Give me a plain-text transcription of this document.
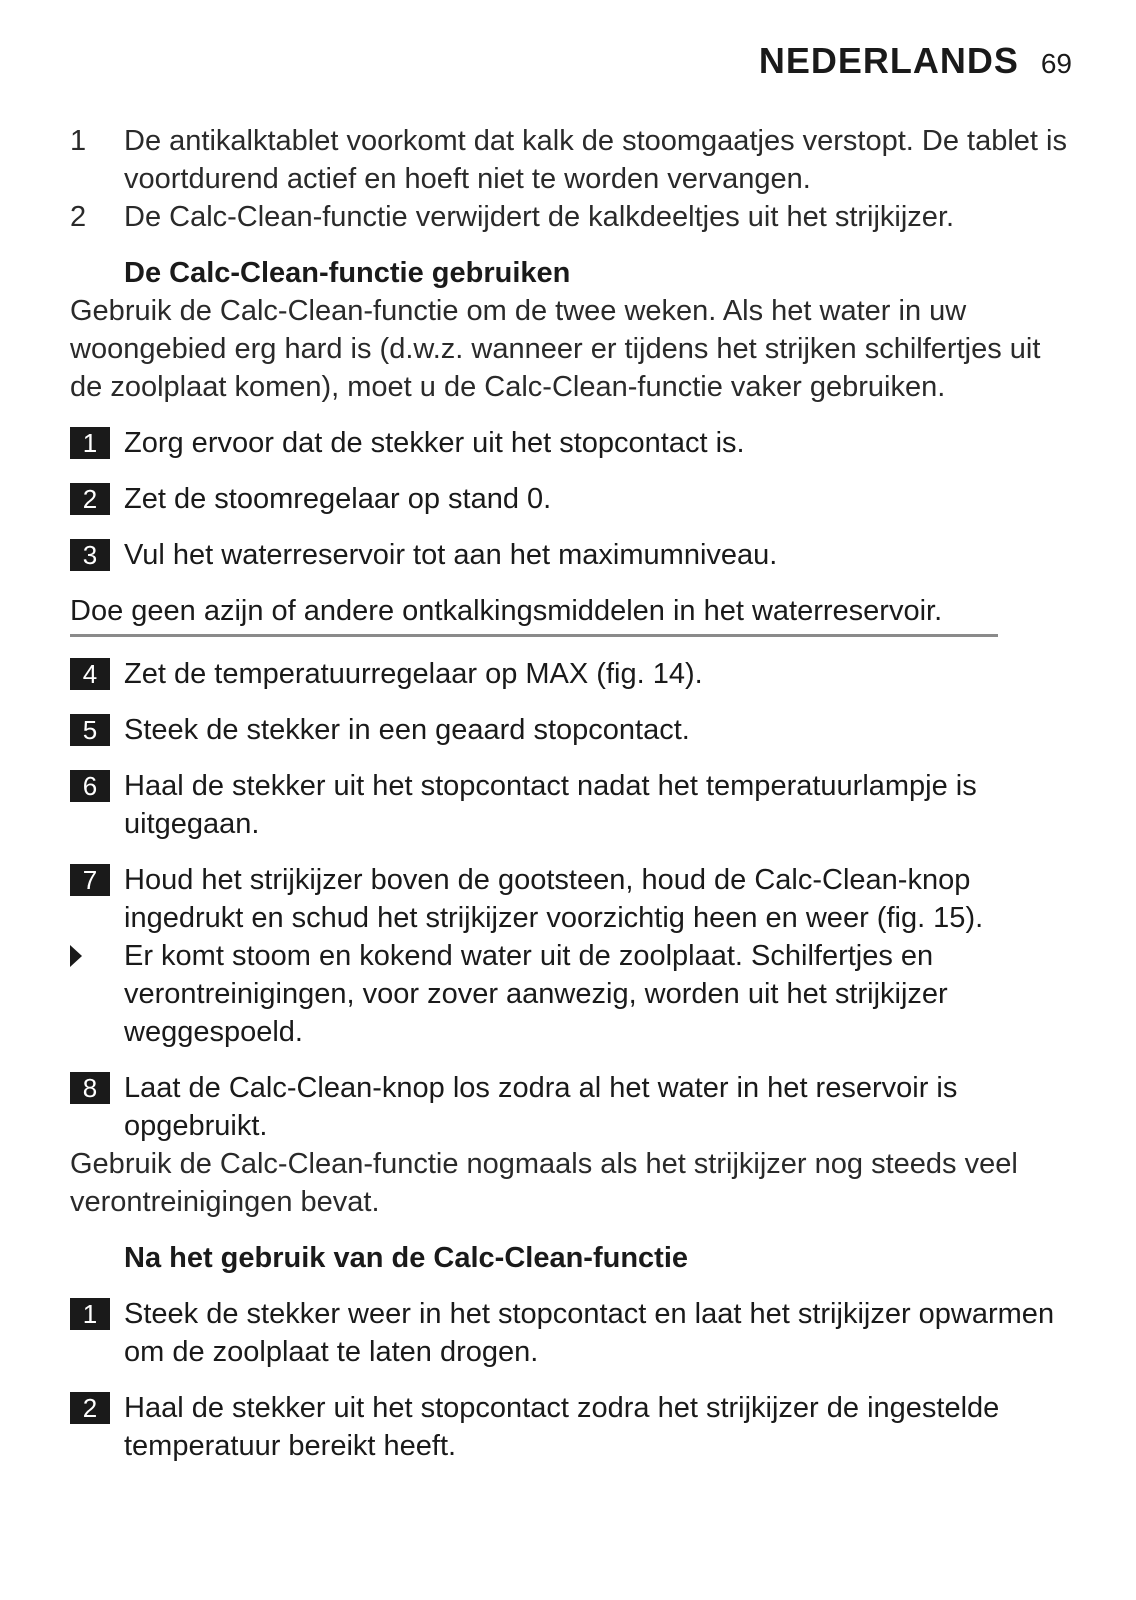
NEDERLANDS 69
1	De antikalktablet voorkomt dat kalk de stoomgaatjes verstopt. De tablet is voortdurend actief en hoeft niet te worden vervangen.
2	De Calc-Clean-functie verwijdert de kalkdeeltjes uit het strijkijzer.
De Calc-Clean-functie gebruiken
Gebruik de Calc-Clean-functie om de twee weken. Als het water in uw woongebied erg hard is (d.w.z. wanneer er tijdens het strijken schilfertjes uit de zoolplaat komen), moet u de Calc-Clean-functie vaker gebruiken.
1 Zorg ervoor dat de stekker uit het stopcontact is.
2 Zet de stoomregelaar op stand 0.
3 Vul het waterreservoir tot aan het maximumniveau.
Doe geen azijn of andere ontkalkingsmiddelen in het waterreservoir.
4 Zet de temperatuurregelaar op MAX (fig. 14).
5 Steek de stekker in een geaard stopcontact.
6 Haal de stekker uit het stopcontact nadat het temperatuurlampje is uitgegaan.
7 Houd het strijkijzer boven de gootsteen, houd de Calc-Clean-knop ingedrukt en schud het strijkijzer voorzichtig heen en weer (fig. 15).
Er komt stoom en kokend water uit de zoolplaat. Schilfertjes en verontreinigingen, voor zover aanwezig, worden uit het strijkijzer weggespoeld.
8 Laat de Calc-Clean-knop los zodra al het water in het reservoir is opgebruikt.
Gebruik de Calc-Clean-functie nogmaals als het strijkijzer nog steeds veel verontreinigingen bevat.
Na het gebruik van de Calc-Clean-functie
1 Steek de stekker weer in het stopcontact en laat het strijkijzer opwarmen om de zoolplaat te laten drogen.
2 Haal de stekker uit het stopcontact zodra het strijkijzer de ingestelde temperatuur bereikt heeft.
